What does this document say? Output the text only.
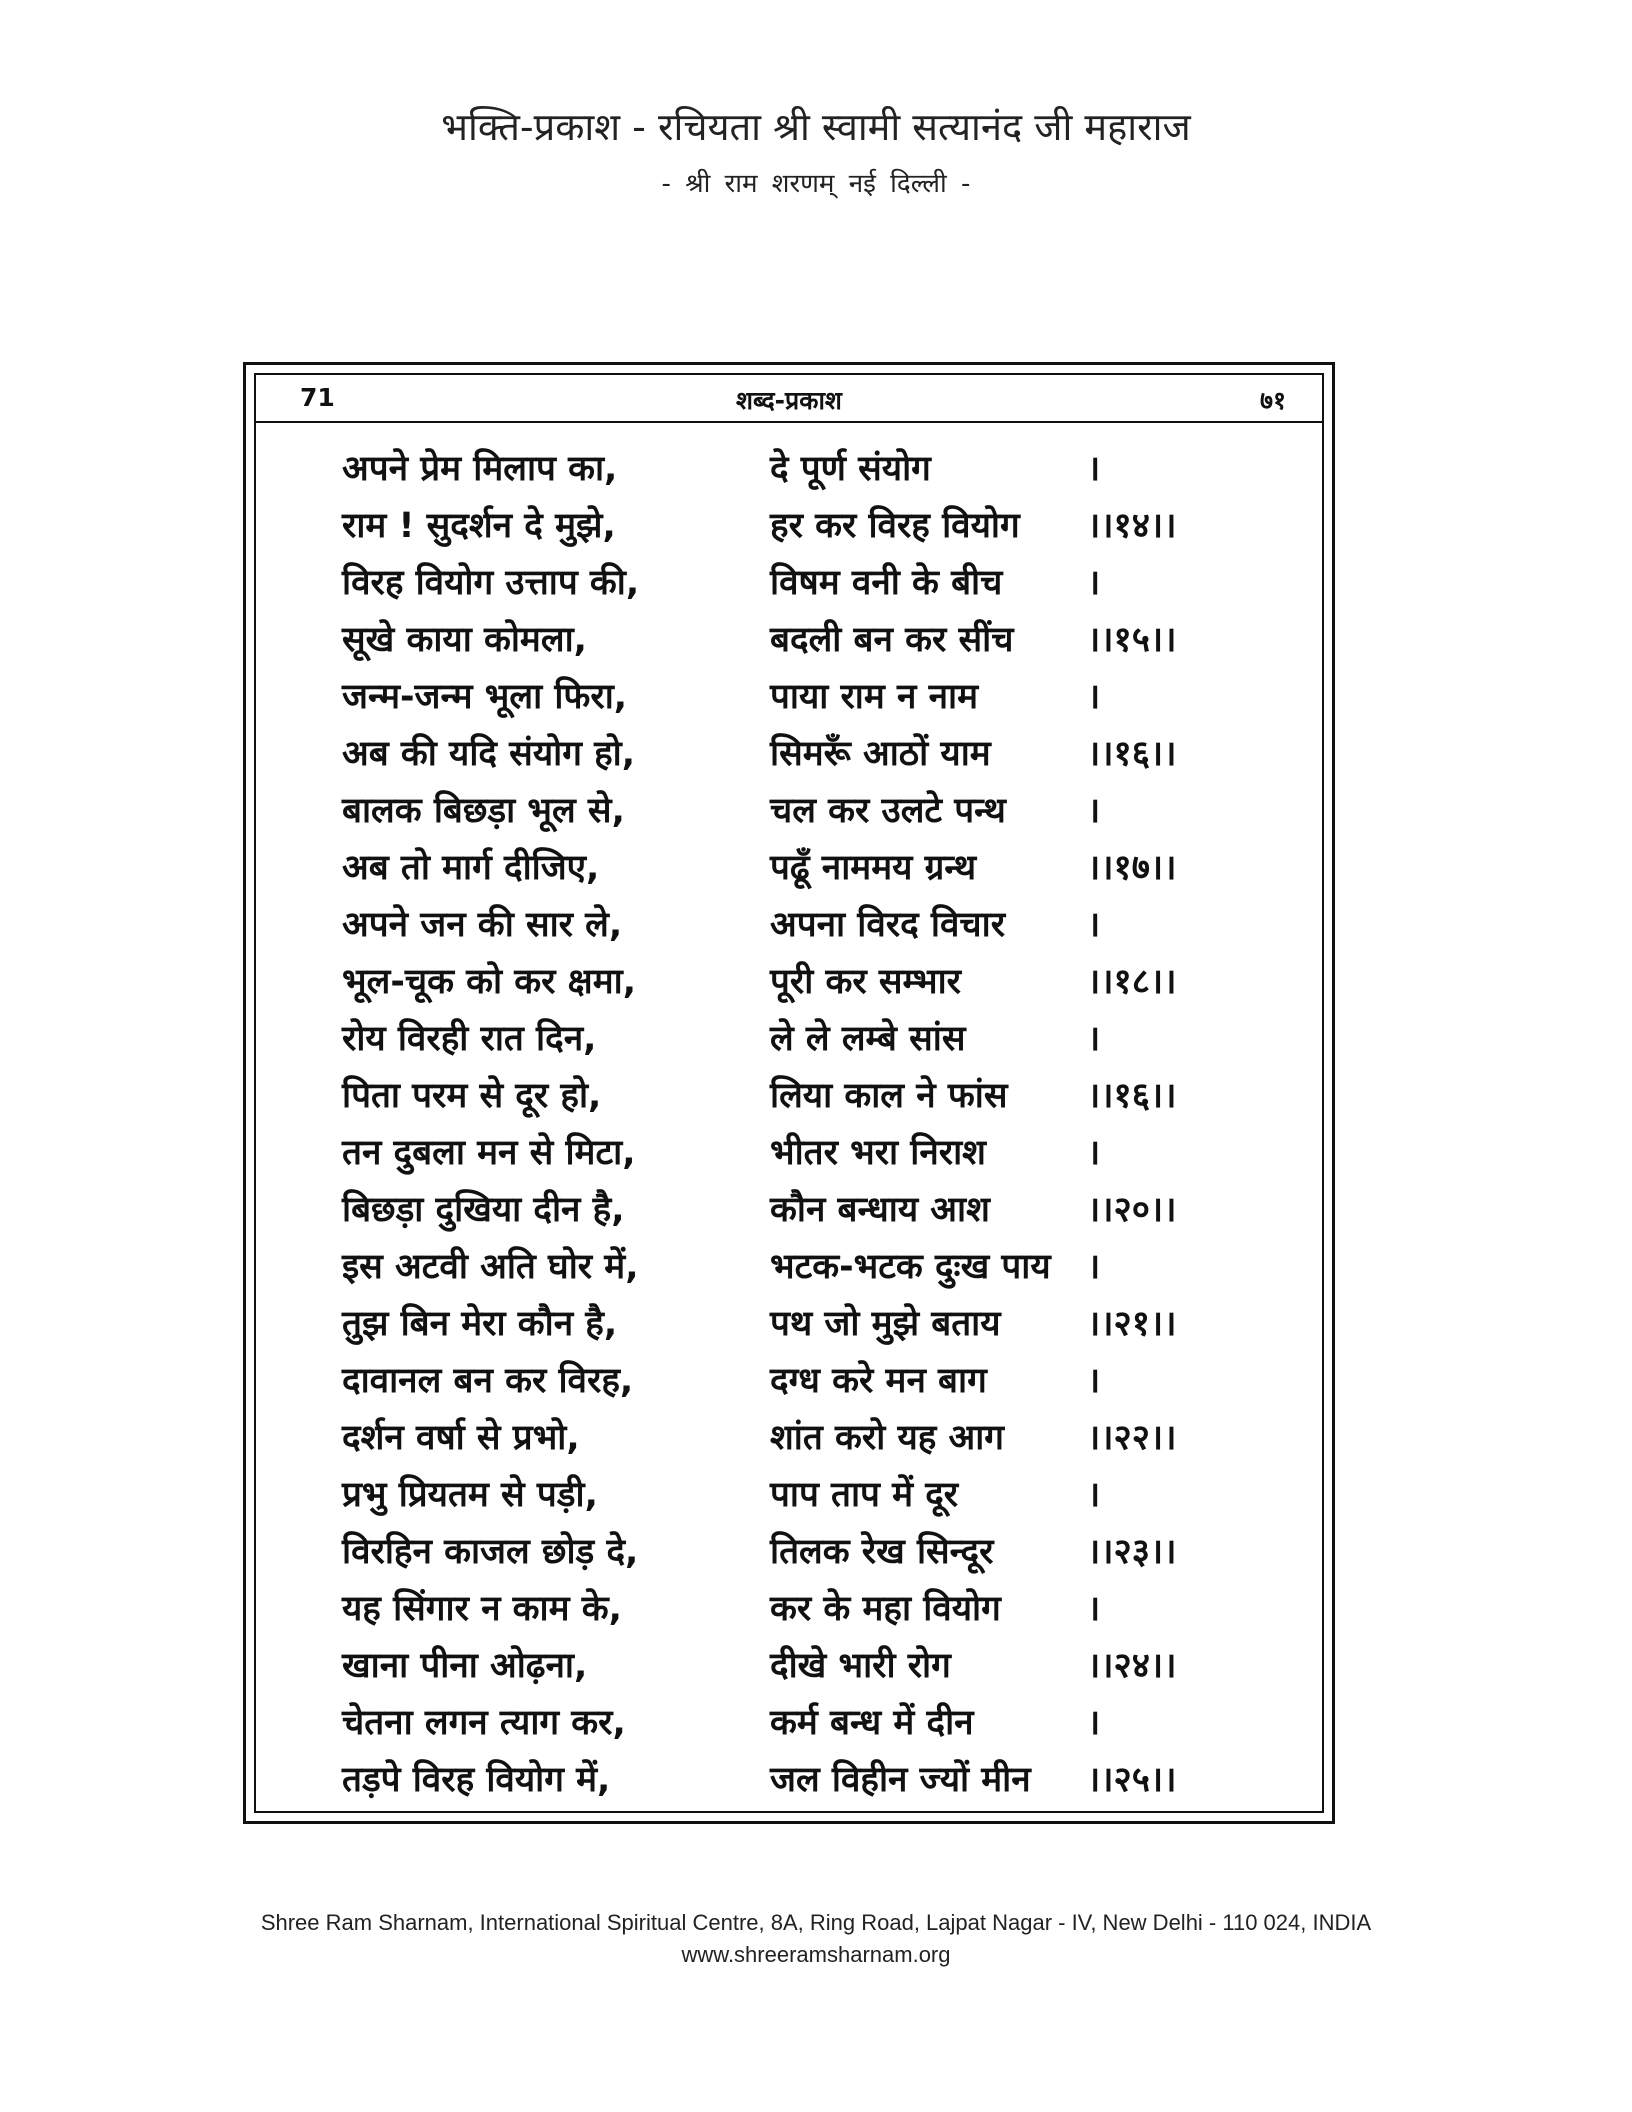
भक्ति-प्रकाश - रचियता श्री स्वामी सत्यानंद जी महाराज
- श्री राम शरणम् नई दिल्ली -
71	शब्द-प्रकाश	७१
अपने प्रेम मिलाप का,	दे पूर्ण संयोग	।
राम ! सुदर्शन दे मुझे,	हर कर विरह वियोग ।।१४।।
विरह वियोग उत्ताप की,	विषम वनी के बीच ।
सूखे काया कोमला,	बदली बन कर सींच ।।१५।।
जन्म-जन्म भूला फिरा,	पाया राम न नाम	।
अब की यदि संयोग हो,	सिमरूँ आठों याम	।।१६।।
बालक बिछड़ा भूल से,	चल कर उलटे पन्थ ।
अब तो मार्ग दीजिए,	पढूँ नाममय ग्रन्थ	।।१७।।
अपने जन की सार ले,	अपना विरद विचार ।
भूल-चूक को कर क्षमा,	पूरी कर सम्भार	।।१८।।
रोय विरही रात दिन,	ले ले लम्बे सांस	।
पिता परम से दूर हो,	लिया काल ने फांस ।।१६।।
तन दुबला मन से मिटा,	भीतर भरा निराश	।
बिछड़ा दुखिया दीन है,	कौन बन्धाय आश	।।२०।।
इस अटवी अति घोर में,	भटक-भटक दुःख पाय ।
तुझ बिन मेरा कौन है,	पथ जो मुझे बताय ।।२१।।
दावानल बन कर विरह,	दग्ध करे मन बाग	।
दर्शन वर्षा से प्रभो,	शांत करो यह आग ।।२२।।
प्रभु प्रियतम से पड़ी,	पाप ताप में दूर	।
विरहिन काजल छोड़ दे,	तिलक रेख सिन्दूर	।।२३।।
यह सिंगार न काम के,	कर के महा वियोग ।
खाना पीना ओढ़ना,	दीखे भारी रोग	।।२४।।
चेतना लगन त्याग कर,	कर्म बन्ध में दीन	।
तड़पे विरह वियोग में,	जल विहीन ज्यों मीन ।।२५।।
Shree Ram Sharnam, International Spiritual Centre, 8A, Ring Road, Lajpat Nagar - IV, New Delhi - 110 024, INDIA
www.shreeramsharnam.org
